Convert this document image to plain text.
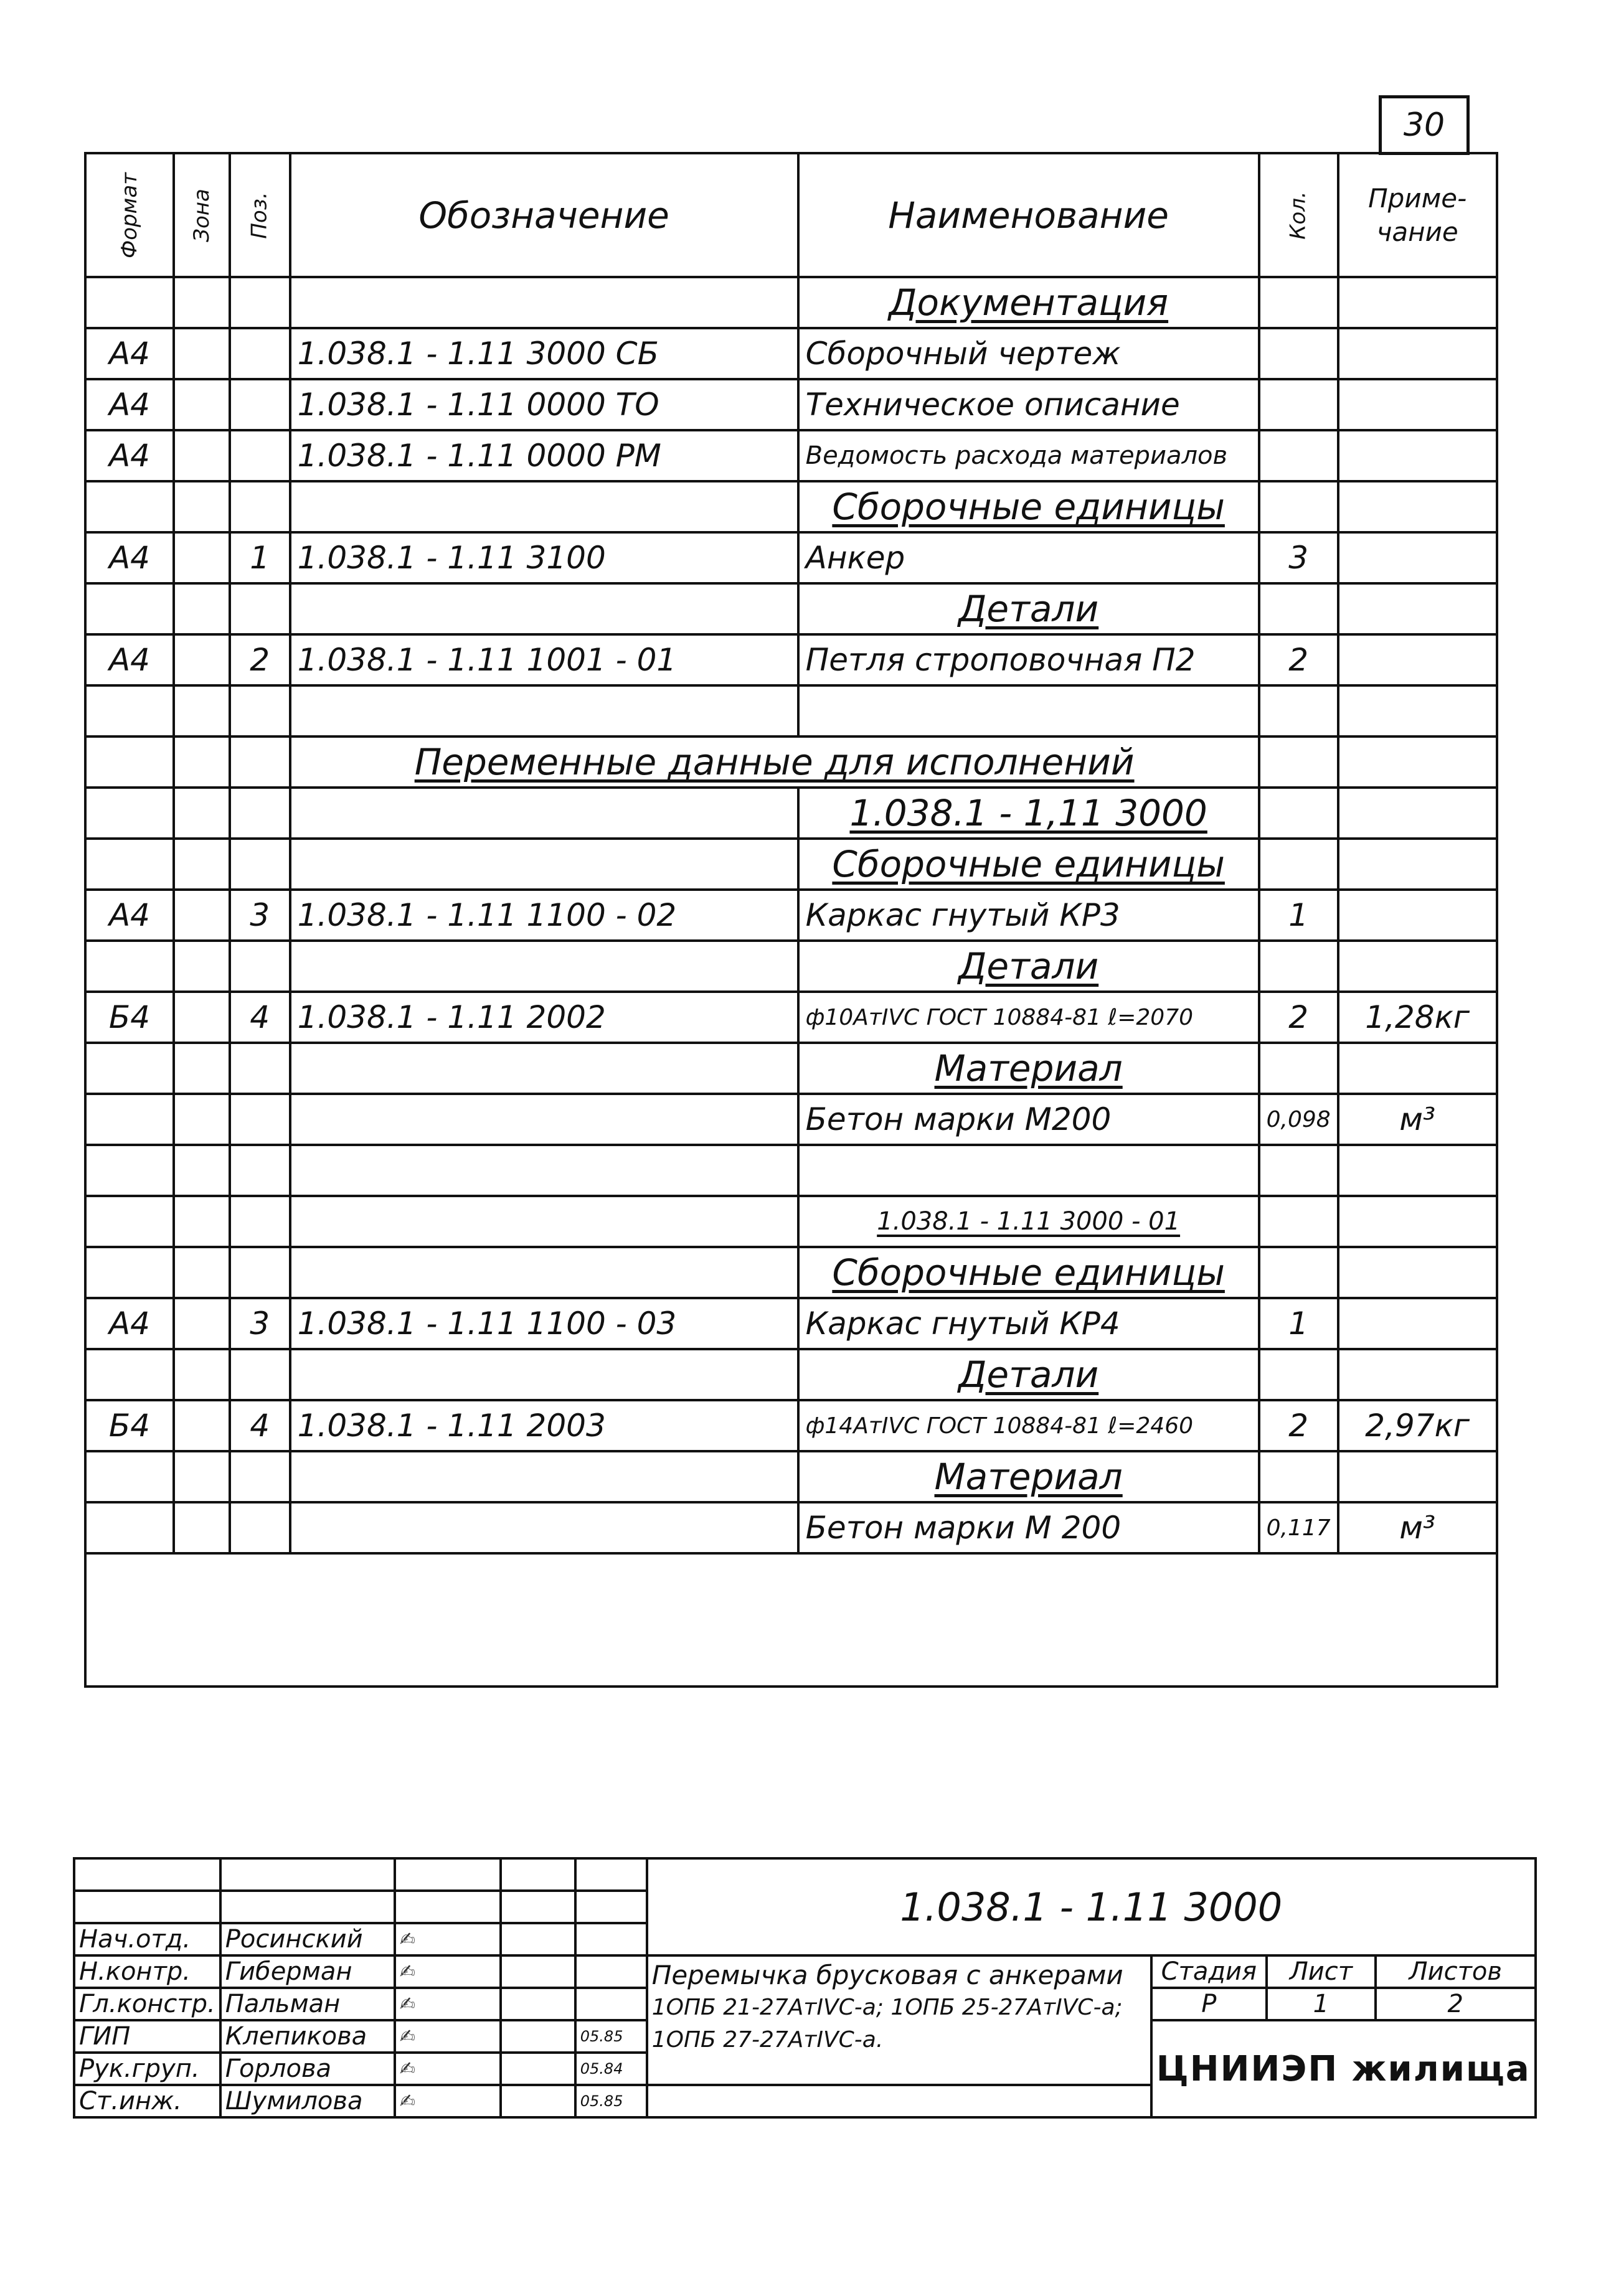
30
Формат	Зона	Поз.	Обозначение	Наименование	Кол.	Приме-чание
				Документация		
А4			1.038.1 - 1.11 3000 СБ	Сборочный чертеж		
А4			1.038.1 - 1.11 0000 ТО	Техническое описание		
А4			1.038.1 - 1.11 0000 РМ	Ведомость расхода материалов		
				Сборочные единицы		
А4		1	1.038.1 - 1.11 3100	Анкер	3	
				Детали		
А4		2	1.038.1 - 1.11 1001 - 01	Петля строповочная П2	2	

			Переменные данные для исполнений			
				1.038.1 - 1,11 3000		
				Сборочные единицы		
А4		3	1.038.1 - 1.11 1100 - 02	Каркас гнутый КР3	1	
				Детали		
Б4		4	1.038.1 - 1.11 2002	ф10АтIVС ГОСТ 10884-81 ℓ=2070	2	1,28кг
				Материал		
				Бетон марки М200	0,098	м³

				1.038.1 - 1.11 3000 - 01		
				Сборочные единицы		
А4		3	1.038.1 - 1.11 1100 - 03	Каркас гнутый КР4	1	
				Детали		
Б4		4	1.038.1 - 1.11 2003	ф14АтIVС ГОСТ 10884-81 ℓ=2460	2	2,97кг
				Материал		
				Бетон марки М 200	0,117	м³

					1.038.1 - 1.11 3000			

Нач.отд.	Росинский	✍						
Н.контр.	Гиберман	✍			Перемычка брусковая с анкерами
1ОПБ 21-27АтIVС-а; 1ОПБ 25-27АтIVС-а;
1ОПБ 27-27АтIVС-а.	Стадия	Лист	Листов
Гл.констр.	Пальман	✍				Р	1	2
ГИП	Клепикова	✍		05.85		ЦНИИЭП жилища		
Рук.груп.	Горлова	✍		05.84				
Ст.инж.	Шумилова	✍		05.85				
